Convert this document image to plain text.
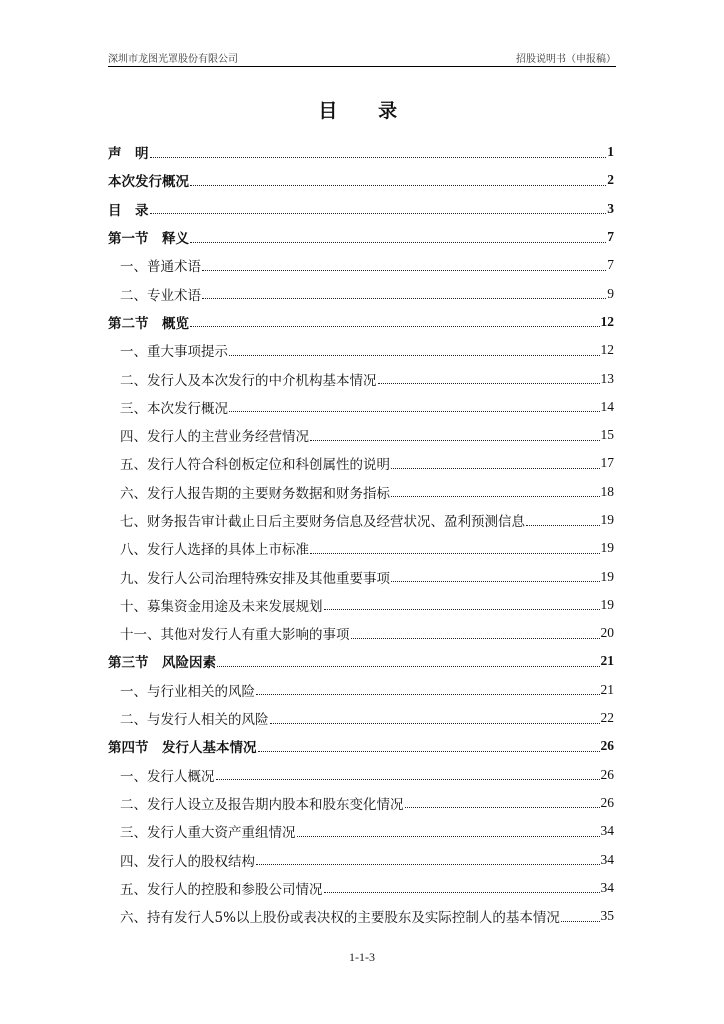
深圳市龙图光罩股份有限公司	招股说明书（申报稿）
目 录
声　明	1
本次发行概况	2
目　录	3
第一节　释义	7
一、普通术语	7
二、专业术语	9
第二节　概览	12
一、重大事项提示	12
二、发行人及本次发行的中介机构基本情况	13
三、本次发行概况	14
四、发行人的主营业务经营情况	15
五、发行人符合科创板定位和科创属性的说明	17
六、发行人报告期的主要财务数据和财务指标	18
七、财务报告审计截止日后主要财务信息及经营状况、盈利预测信息	19
八、发行人选择的具体上市标准	19
九、发行人公司治理特殊安排及其他重要事项	19
十、募集资金用途及未来发展规划	19
十一、其他对发行人有重大影响的事项	20
第三节　风险因素	21
一、与行业相关的风险	21
二、与发行人相关的风险	22
第四节　发行人基本情况	26
一、发行人概况	26
二、发行人设立及报告期内股本和股东变化情况	26
三、发行人重大资产重组情况	34
四、发行人的股权结构	34
五、发行人的控股和参股公司情况	34
六、持有发行人5%以上股份或表决权的主要股东及实际控制人的基本情况	35
1-1-3
